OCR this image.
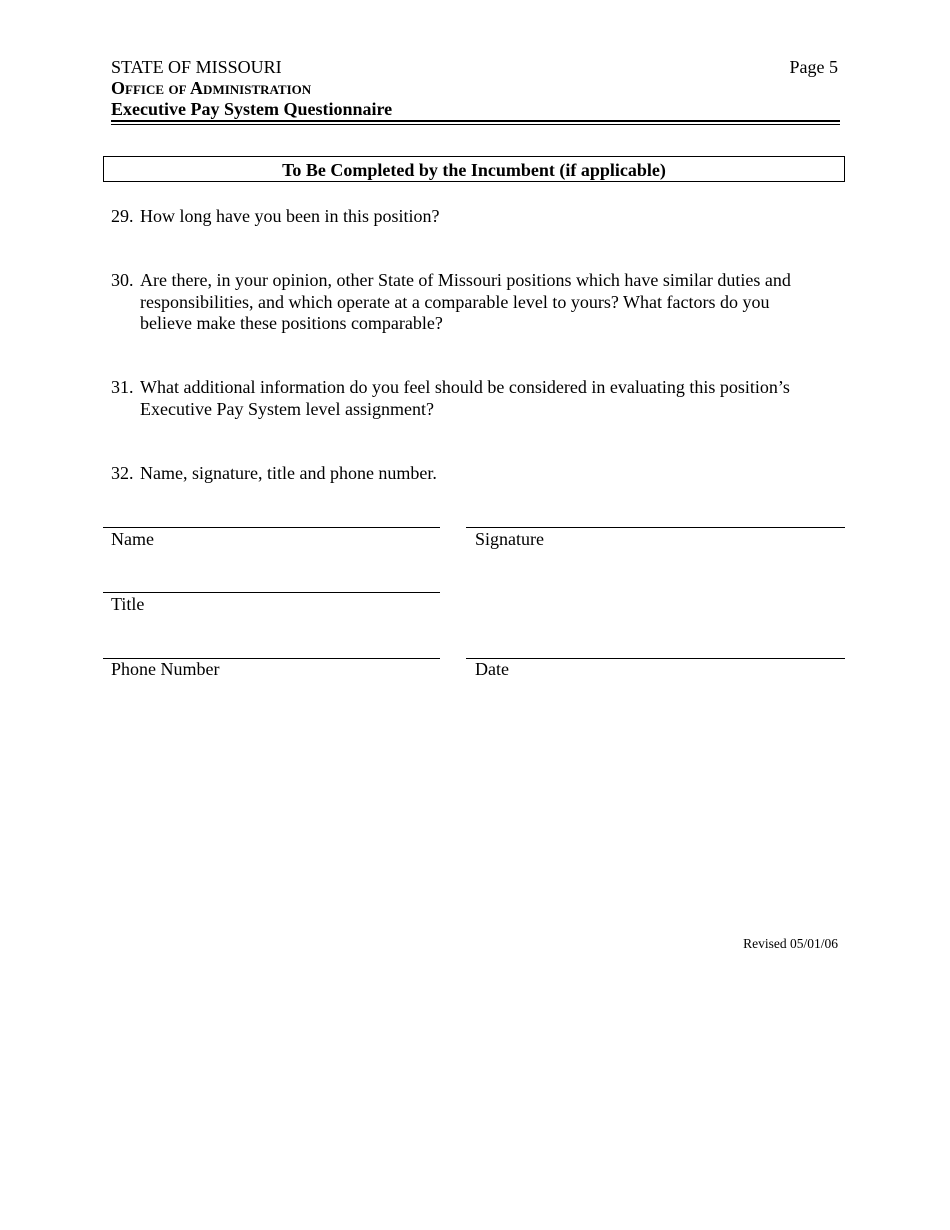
STATE OF MISSOURI
Office of Administration
Executive Pay System Questionnaire
Page 5
To Be Completed by the Incumbent (if applicable)
29. How long have you been in this position?
30. Are there, in your opinion, other State of Missouri positions which have similar duties and responsibilities, and which operate at a comparable level to yours? What factors do you believe make these positions comparable?
31. What additional information do you feel should be considered in evaluating this position’s Executive Pay System level assignment?
32. Name, signature, title and phone number.
Name	Signature
Title
Phone Number	Date
Revised 05/01/06
